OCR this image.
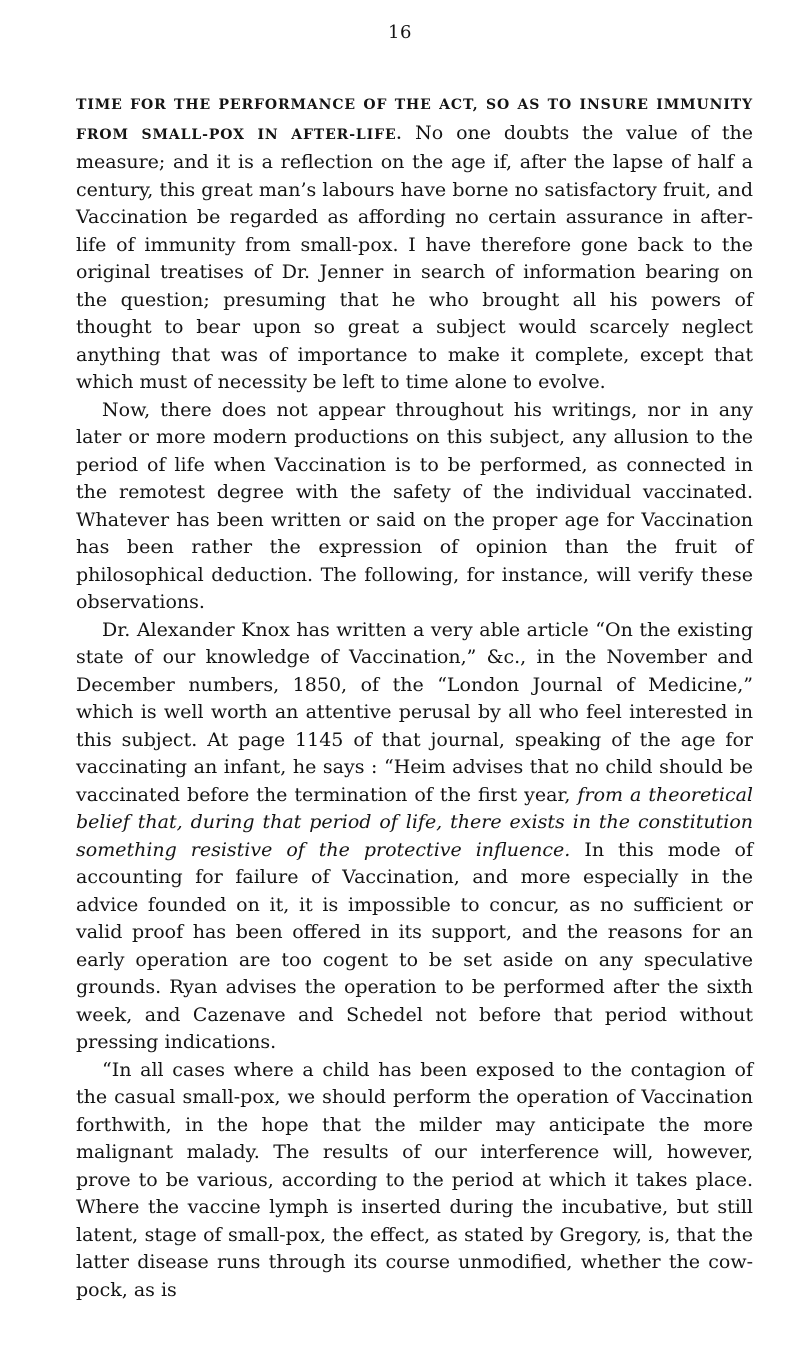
16

TIME FOR THE PERFORMANCE OF THE ACT, SO AS TO INSURE IMMUNITY FROM SMALL-POX IN AFTER-LIFE. No one doubts the value of the measure; and it is a reflection on the age if, after the lapse of half a century, this great man’s labours have borne no satisfactory fruit, and Vaccination be regarded as affording no certain assurance in after-life of immunity from small-pox. I have therefore gone back to the original treatises of Dr. Jenner in search of information bearing on the question; presuming that he who brought all his powers of thought to bear upon so great a subject would scarcely neglect anything that was of importance to make it complete, except that which must of necessity be left to time alone to evolve.

Now, there does not appear throughout his writings, nor in any later or more modern productions on this subject, any allusion to the period of life when Vaccination is to be performed, as connected in the remotest degree with the safety of the individual vaccinated. Whatever has been written or said on the proper age for Vaccination has been rather the expression of opinion than the fruit of philosophical deduction. The following, for instance, will verify these observations.

Dr. Alexander Knox has written a very able article “On the existing state of our knowledge of Vaccination,” &c., in the November and December numbers, 1850, of the “London Journal of Medicine,” which is well worth an attentive perusal by all who feel interested in this subject. At page 1145 of that journal, speaking of the age for vaccinating an infant, he says : “Heim advises that no child should be vaccinated before the termination of the first year, from a theoretical belief that, during that period of life, there exists in the constitution something resistive of the protective influence. In this mode of accounting for failure of Vaccination, and more especially in the advice founded on it, it is impossible to concur, as no sufficient or valid proof has been offered in its support, and the reasons for an early operation are too cogent to be set aside on any speculative grounds. Ryan advises the operation to be performed after the sixth week, and Cazenave and Schedel not before that period without pressing indications.

“In all cases where a child has been exposed to the contagion of the casual small-pox, we should perform the operation of Vaccination forthwith, in the hope that the milder may anticipate the more malignant malady. The results of our interference will, however, prove to be various, according to the period at which it takes place. Where the vaccine lymph is inserted during the incubative, but still latent, stage of small-pox, the effect, as stated by Gregory, is, that the latter disease runs through its course unmodified, whether the cow-pock, as is
